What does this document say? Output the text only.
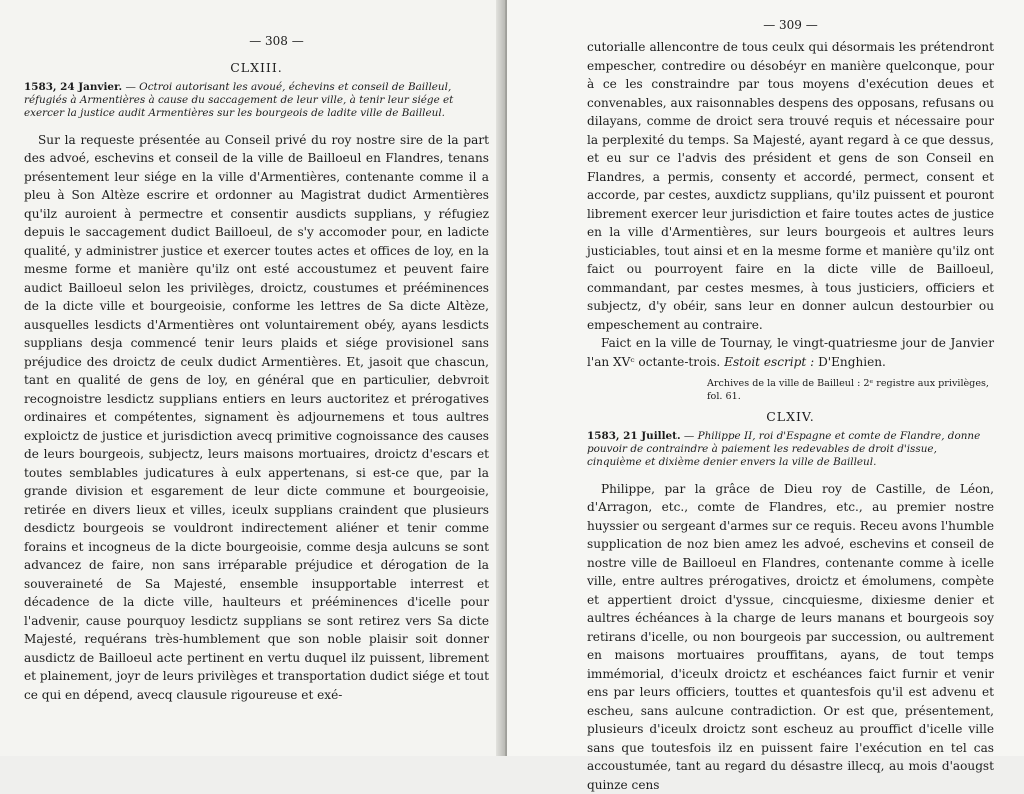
— 308 —
CLXIII.

1583, 24 Janvier. — Octroi autorisant les avoué, échevins et conseil de Bailleul, réfugiés à Armentières à cause du saccagement de leur ville, à tenir leur siége et exercer la justice audit Armentières sur les bourgeois de ladite ville de Bailleul.

Sur la requeste présentée au Conseil privé du roy nostre sire de la part des advoé, eschevins et conseil de la ville de Bailloeul en Flandres, tenans présentement leur siége en la ville d'Armentières, contenante comme il a pleu à Son Altèze escrire et ordonner au Magistrat dudict Armentières qu'ilz auroient à permectre et consentir ausdicts supplians, y réfugiez depuis le saccagement dudict Bailloeul, de s'y accomoder pour, en ladicte qualité, y administrer justice et exercer toutes actes et offices de loy, en la mesme forme et manière qu'ilz ont esté accoustumez et peuvent faire audict Bailloeul selon les privilèges, droictz, coustumes et prééminences de la dicte ville et bourgeoisie, conforme les lettres de Sa dicte Altèze, ausquelles lesdicts d'Armentières ont voluntairement obéy, ayans lesdicts supplians desja commencé tenir leurs plaids et siége provisionel sans préjudice des droictz de ceulx dudict Armentières. Et, jasoit que chascun, tant en qualité de gens de loy, en général que en particulier, debvroit recognoistre lesdictz supplians entiers en leurs auctoritez et prérogatives ordinaires et compétentes, signament ès adjournemens et tous aultres exploictz de justice et jurisdiction avecq primitive cognoissance des causes de leurs bourgeois, subjectz, leurs maisons mortuaires, droictz d'escars et toutes semblables judicatures à eulx appertenans, si est-ce que, par la grande division et esgarement de leur dicte commune et bourgeoisie, retirée en divers lieux et villes, iceulx supplians craindent que plusieurs desdictz bourgeois se vouldront indirectement aliéner et tenir comme forains et incogneus de la dicte bourgeoisie, comme desja aulcuns se sont advancez de faire, non sans irréparable préjudice et dérogation de la souveraineté de Sa Majesté, ensemble insupportable interrest et décadence de la dicte ville, haulteurs et prééminences d'icelle pour l'advenir, cause pourquoy lesdictz supplians se sont retirez vers Sa dicte Majesté, requérans très-humblement que son noble plaisir soit donner ausdictz de Bailloeul acte pertinent en vertu duquel ilz puissent, librement et plainement, joyr de leurs privilèges et transportation dudict siége et tout ce qui en dépend, avecq clausule rigoureuse et exé-

— 309 —

cutorialle allencontre de tous ceulx qui désormais les prétendront empescher, contredire ou désobéyr en manière quelconque, pour à ce les constraindre par tous moyens d'exécution deues et convenables, aux raisonnables despens des opposans, refusans ou dilayans, comme de droict sera trouvé requis et nécessaire pour la perplexité du temps. Sa Majesté, ayant regard à ce que dessus, et eu sur ce l'advis des président et gens de son Conseil en Flandres, a permis, consenty et accordé, permect, consent et accorde, par cestes, auxdictz supplians, qu'ilz puissent et pouront librement exercer leur jurisdiction et faire toutes actes de justice en la ville d'Armentières, sur leurs bourgeois et aultres leurs justiciables, tout ainsi et en la mesme forme et manière qu'ilz ont faict ou pourroyent faire en la dicte ville de Bailloeul, commandant, par cestes mesmes, à tous justiciers, officiers et subjectz, d'y obéir, sans leur en donner aulcun destourbier ou empeschement au contraire.

Faict en la ville de Tournay, le vingt-quatriesme jour de Janvier l'an XVᶜ octante-trois. Estoit escript : D'Enghien.

Archives de la ville de Bailleul : 2ᵉ registre aux privilèges, fol. 61.

CLXIV.

1583, 21 Juillet. — Philippe II, roi d'Espagne et comte de Flandre, donne pouvoir de contraindre à paiement les redevables de droit d'issue, cinquième et dixième denier envers la ville de Bailleul.

Philippe, par la grâce de Dieu roy de Castille, de Léon, d'Arragon, etc., comte de Flandres, etc., au premier nostre huyssier ou sergeant d'armes sur ce requis. Receu avons l'humble supplication de noz bien amez les advoé, eschevins et conseil de nostre ville de Bailloeul en Flandres, contenante comme à icelle ville, entre aultres prérogatives, droictz et émolumens, compète et appertient droict d'yssue, cincquiesme, dixiesme denier et aultres échéances à la charge de leurs manans et bourgeois soy retirans d'icelle, ou non bourgeois par succession, ou aultrement en maisons mortuaires prouffitans, ayans, de tout temps immémorial, d'iceulx droictz et eschéances faict furnir et venir ens par leurs officiers, touttes et quantesfois qu'il est advenu et escheu, sans aulcune contradiction. Or est que, présentement, plusieurs d'iceulx droictz sont escheuz au prouffict d'icelle ville sans que toutesfois ilz en puissent faire l'exécution en tel cas accoustumée, tant au regard du désastre illecq, au mois d'aougst quinze cens
